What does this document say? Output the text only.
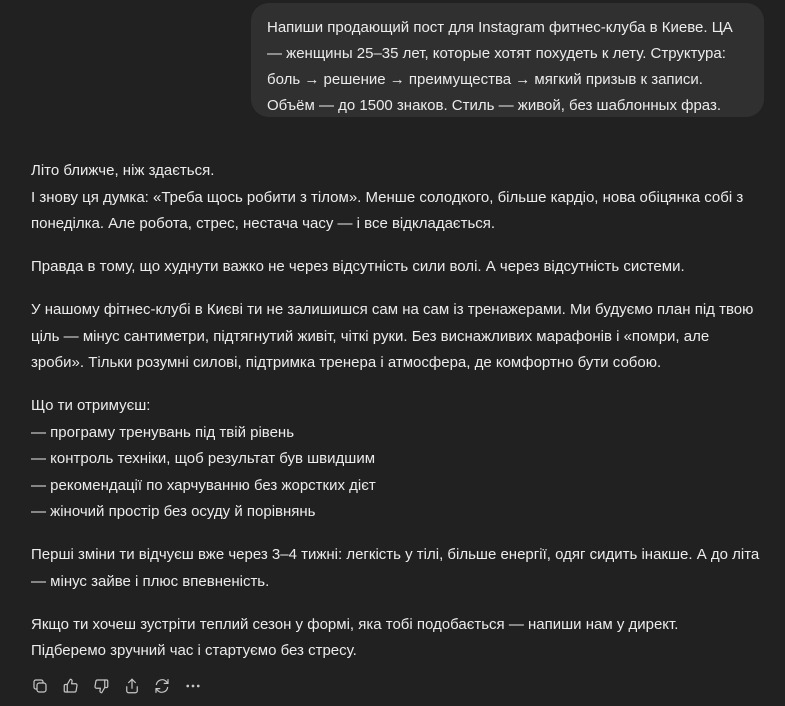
Напиши продающий пост для Instagram фитнес-клуба в Киеве. ЦА
— женщины 25–35 лет, которые хотят похудеть к лету. Структура:
боль → решение → преимущества → мягкий призыв к записи.
Объём — до 1500 знаков. Стиль — живой, без шаблонных фраз.

Літо ближче, ніж здається.
І знову ця думка: «Треба щось робити з тілом». Менше солодкого, більше кардіо, нова обіцянка собі з
понеділка. Але робота, стрес, нестача часу — і все відкладається.

Правда в тому, що худнути важко не через відсутність сили волі. А через відсутність системи.

У нашому фітнес-клубі в Києві ти не залишишся сам на сам із тренажерами. Ми будуємо план під твою
ціль — мінус сантиметри, підтягнутий живіт, чіткі руки. Без виснажливих марафонів і «помри, але
зроби». Тільки розумні силові, підтримка тренера і атмосфера, де комфортно бути собою.

Що ти отримуєш:
— програму тренувань під твій рівень
— контроль техніки, щоб результат був швидшим
— рекомендації по харчуванню без жорстких дієт
— жіночий простір без осуду й порівнянь

Перші зміни ти відчуєш вже через 3–4 тижні: легкість у тілі, більше енергії, одяг сидить інакше. А до літа
— мінус зайве і плюс впевненість.

Якщо ти хочеш зустріти теплий сезон у формі, яка тобі подобається — напиши нам у директ.
Підберемо зручний час і стартуємо без стресу.
